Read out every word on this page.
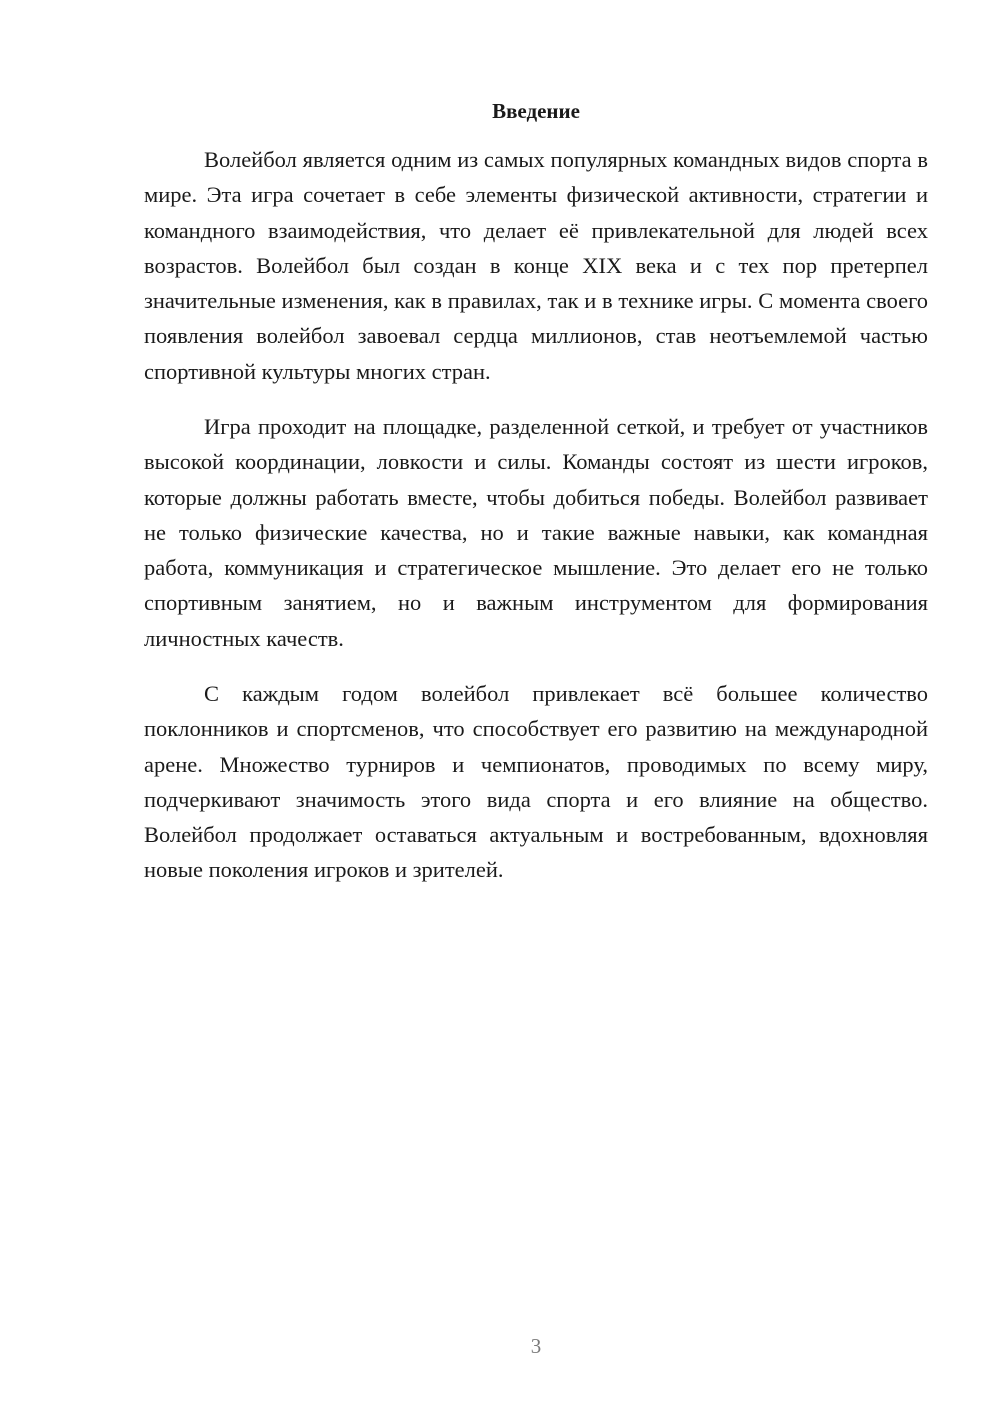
Введение

Волейбол является одним из самых популярных командных видов спорта в мире. Эта игра сочетает в себе элементы физической активности, стратегии и командного взаимодействия, что делает её привлекательной для людей всех возрастов. Волейбол был создан в конце XIX века и с тех пор претерпел значительные изменения, как в правилах, так и в технике игры. С момента своего появления волейбол завоевал сердца миллионов, став неотъемлемой частью спортивной культуры многих стран.

Игра проходит на площадке, разделенной сеткой, и требует от участников высокой координации, ловкости и силы. Команды состоят из шести игроков, которые должны работать вместе, чтобы добиться победы. Волейбол развивает не только физические качества, но и такие важные навыки, как командная работа, коммуникация и стратегическое мышление. Это делает его не только спортивным занятием, но и важным инструментом для формирования личностных качеств.

С каждым годом волейбол привлекает всё большее количество поклонников и спортсменов, что способствует его развитию на международной арене. Множество турниров и чемпионатов, проводимых по всему миру, подчеркивают значимость этого вида спорта и его влияние на общество. Волейбол продолжает оставаться актуальным и востребованным, вдохновляя новые поколения игроков и зрителей.

3
